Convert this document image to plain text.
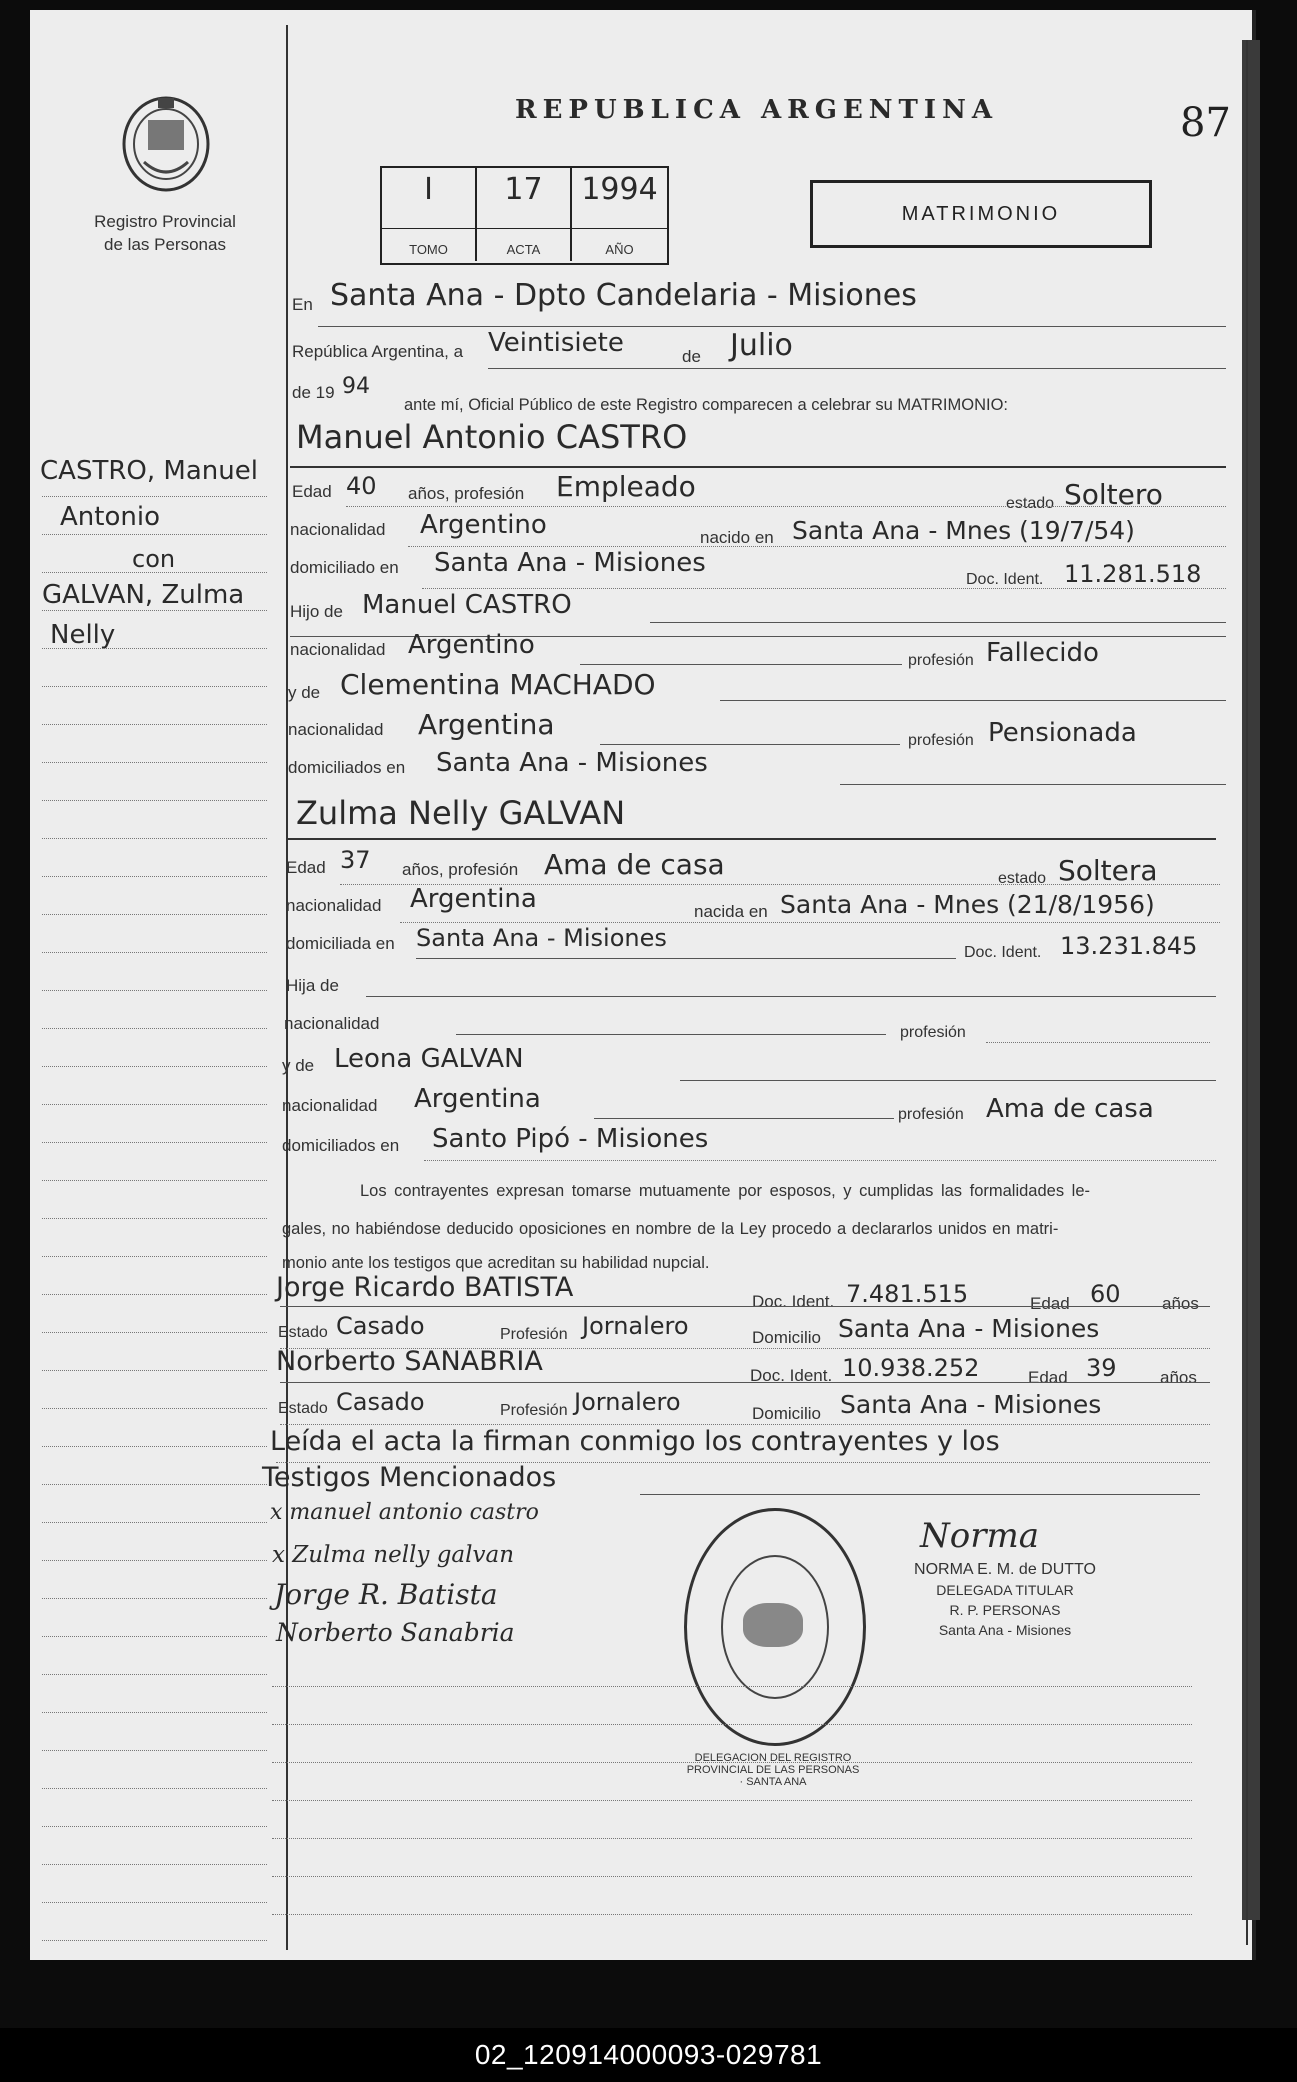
Registro Provincial
de las Personas
REPUBLICA ARGENTINA	87
I
TOMO
17
ACTA
1994
AÑO
MATRIMONIO
CASTRO, Manuel
Antonio
con
GALVAN, Zulma
Nelly
En Santa Ana - Dpto Candelaria - Misiones
República Argentina, a Veintisiete	de Julio
de 19 94
ante mí, Oficial Público de este Registro comparecen a celebrar su MATRIMONIO:
Manuel Antonio CASTRO
Edad 40 años, profesión Empleado
estado Soltero
nacionalidad Argentino	nacido en Santa Ana - Mnes (19/7/54)
domiciliado en Santa Ana - Misiones
Doc. Ident. 11.281.518
Hijo de Manuel CASTRO
nacionalidad Argentino
profesión Fallecido
y de Clementina MACHADO
nacionalidad Argentina	profesión Pensionada
domiciliados en Santa Ana - Misiones
Zulma Nelly GALVAN
Edad 37 años, profesión Ama de casa	estado Soltera
nacionalidad Argentina	nacida en Santa Ana - Mnes (21/8/1956)
domiciliada en Santa Ana - Misiones
Doc. Ident. 13.231.845
Hija de
nacionalidad	profesión
y de Leona GALVAN
nacionalidad Argentina
profesión Ama de casa
domiciliados en Santo Pipó - Misiones
Los contrayentes expresan tomarse mutuamente por esposos, y cumplidas las formalidades le-
gales, no habiéndose deducido oposiciones en nombre de la Ley procedo a declararlos unidos en matri-
monio ante los testigos que acreditan su habilidad nupcial.
Jorge Ricardo BATISTA	Doc. Ident. 7.481.515	Edad 60 años
Estado Casado	Profesión Jornalero	Domicilio Santa Ana - Misiones
Norberto SANABRIA	Doc. Ident. 10.938.252	Edad 39	años
Estado Casado	Profesión Jornalero	Domicilio Santa Ana - Misiones
Leída el acta la firman conmigo los contrayentes y los
Testigos Mencionados
x manuel antonio castro
x Zulma nelly galvan
Jorge R. Batista
Norberto Sanabria
DELEGACION DEL REGISTRO PROVINCIAL DE LAS PERSONAS · SANTA ANA
Norma
NORMA E. M. de DUTTO
DELEGADA TITULAR
R. P. PERSONAS
Santa Ana - Misiones
02_120914000093-029781
